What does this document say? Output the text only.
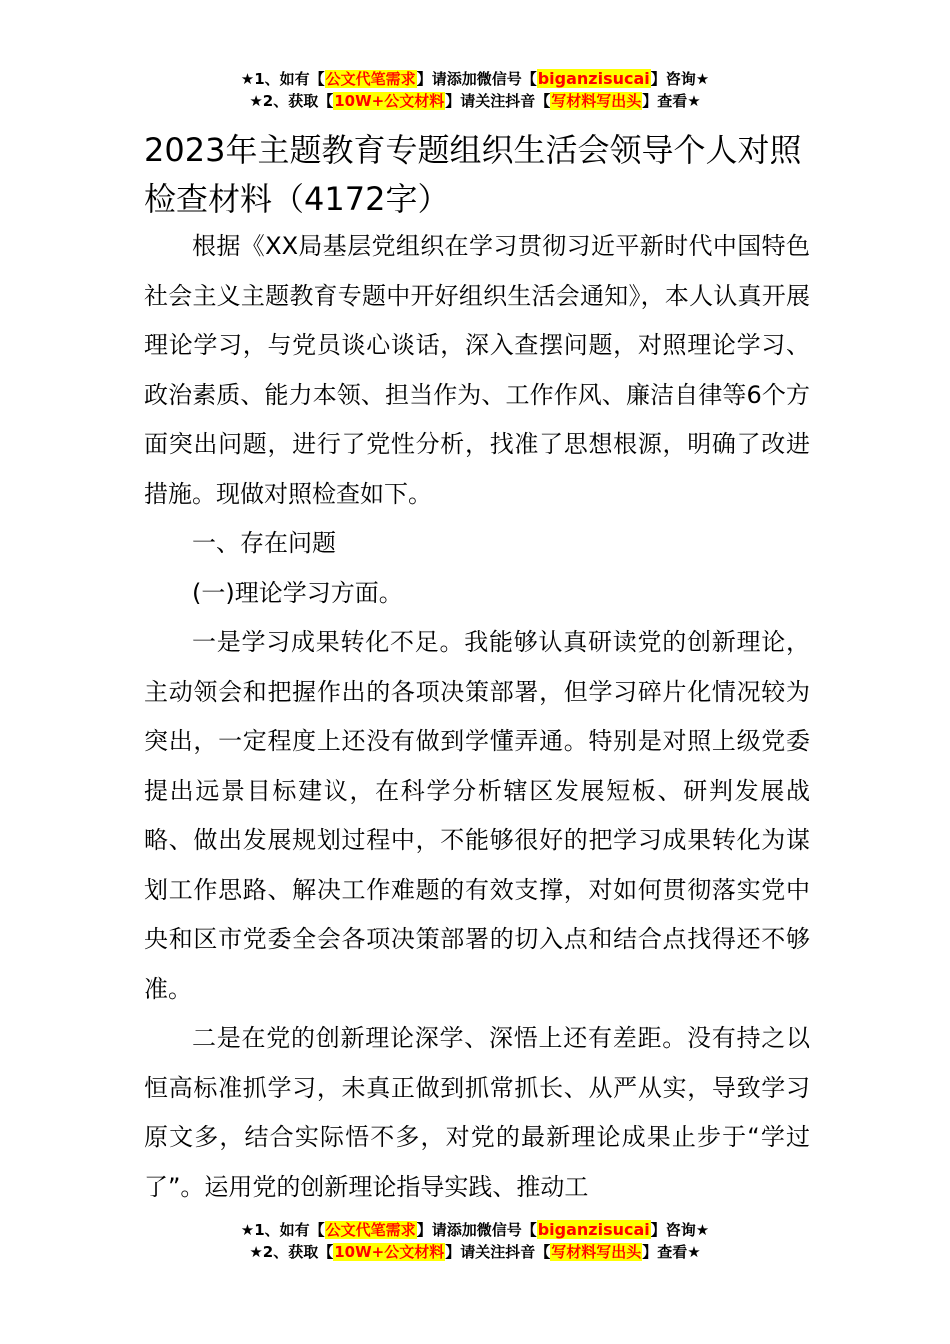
★1、如有【公文代笔需求】请添加微信号【biganzisucai】咨询★
★2、获取【10W+公文材料】请关注抖音【写材料写出头】查看★
2023年主题教育专题组织生活会领导个人对照检查材料（4172字）

根据《XX局基层党组织在学习贯彻习近平新时代中国特色社会主义主题教育专题中开好组织生活会通知》，本人认真开展理论学习，与党员谈心谈话，深入查摆问题，对照理论学习、政治素质、能力本领、担当作为、工作作风、廉洁自律等6个方面突出问题，进行了党性分析，找准了思想根源，明确了改进措施。现做对照检查如下。

一、存在问题

(一)理论学习方面。

一是学习成果转化不足。我能够认真研读党的创新理论，主动领会和把握作出的各项决策部署，但学习碎片化情况较为突出，一定程度上还没有做到学懂弄通。特别是对照上级党委提出远景目标建议，在科学分析辖区发展短板、研判发展战略、做出发展规划过程中，不能够很好的把学习成果转化为谋划工作思路、解决工作难题的有效支撑，对如何贯彻落实党中央和区市党委全会各项决策部署的切入点和结合点找得还不够准。

二是在党的创新理论深学、深悟上还有差距。没有持之以恒高标准抓学习，未真正做到抓常抓长、从严从实，导致学习原文多，结合实际悟不多，对党的最新理论成果止步于“学过了”。运用党的创新理论指导实践、推动工

★1、如有【公文代笔需求】请添加微信号【biganzisucai】咨询★
★2、获取【10W+公文材料】请关注抖音【写材料写出头】查看★
